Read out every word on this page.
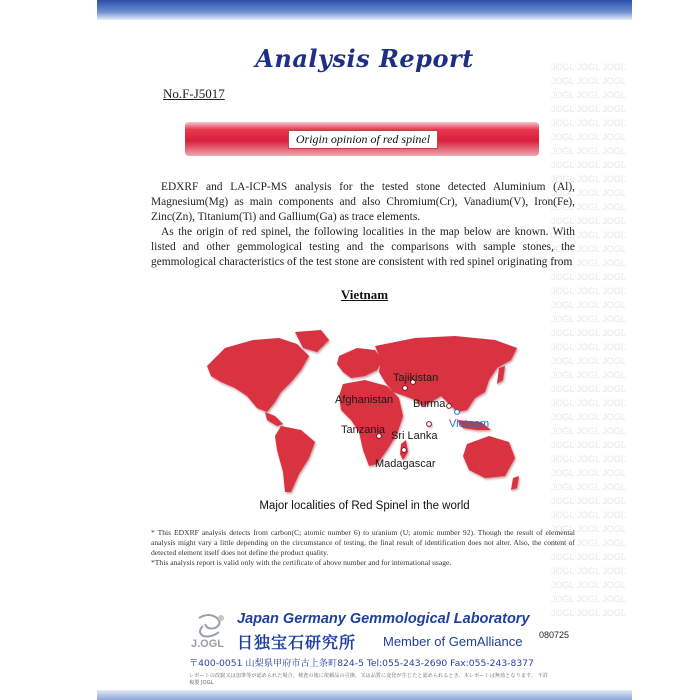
JOGL JOGL JOGL
JOGL JOGL JOGL
JOGL JOGL JOGL
JOGL JOGL JOGL
JOGL JOGL JOGL
JOGL JOGL JOGL
JOGL JOGL JOGL
JOGL JOGL JOGL
JOGL JOGL JOGL
JOGL JOGL JOGL
JOGL JOGL JOGL
JOGL JOGL JOGL
JOGL JOGL JOGL
JOGL JOGL JOGL
JOGL JOGL JOGL
JOGL JOGL JOGL
JOGL JOGL JOGL
JOGL JOGL JOGL
JOGL JOGL JOGL
JOGL JOGL JOGL
JOGL JOGL JOGL
JOGL JOGL JOGL
JOGL JOGL JOGL
JOGL JOGL JOGL
JOGL JOGL JOGL
JOGL JOGL JOGL
JOGL JOGL JOGL
JOGL JOGL JOGL
JOGL JOGL JOGL
JOGL JOGL JOGL
JOGL JOGL JOGL
JOGL JOGL JOGL
JOGL JOGL JOGL
JOGL JOGL JOGL
JOGL JOGL JOGL
JOGL JOGL JOGL
JOGL JOGL JOGL
JOGL JOGL JOGL
JOGL JOGL JOGL
JOGL JOGL JOGL

Analysis Report
No.F-J5017
Origin opinion of red spinel

EDXRF and LA-ICP-MS analysis for the tested stone detected Aluminium (Al), Magnesium(Mg) as main components and also Chromium(Cr), Vanadium(V), Iron(Fe), Zinc(Zn), Titanium(Ti) and Gallium(Ga) as trace elements.

As the origin of red spinel, the following localities in the map below are known. With listed and other gemmological testing and the comparisons with sample stones, the gemmological characteristics of the test stone are consistent with red spinel originating from

Vietnam
Tajikistan
Afghanistan Burma
Vietnam
Tanzania Sri Lanka
Madagascar
Major localities of Red Spinel in the world

* This EDXRF analysis detects from carbon(C; atomic number 6) to uranium (U; atomic number 92). Though the result of elemental analysis might vary a little depending on the circumstance of testing, the final result of identification does not alter. Also, the content of detected element itself does not define the product quality.

*This analysis report is valid only with the certificate of above number and for international usage.

J.OGL
Japan Germany Gemmological Laboratory
日独宝石研究所 Member of GemAlliance 080725
〒400-0051 山梨県甲府市古上条町824-5 Tel:055-243-2690 Fax:055-243-8377
レポートの改竄又は加筆等が認められた場合、検査の後に依頼品の引換、又は品質に変化が生じたと認められるとき、本レポートは無効となります。 不許複製 JOGL
